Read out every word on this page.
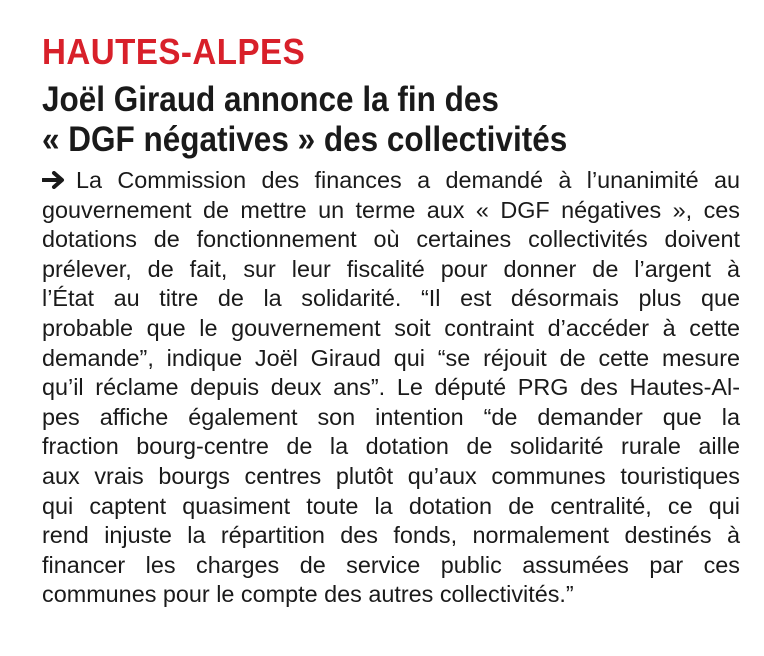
HAUTES-ALPES
Joël Giraud annonce la fin des
« DGF négatives » des collectivités
La Commission des finances a demandé à l’unanimité au
gouvernement de mettre un terme aux « DGF négatives », ces
dotations de fonctionnement où certaines collectivités doivent
prélever, de fait, sur leur fiscalité pour donner de l’argent à
l’État au titre de la solidarité. “Il est désormais plus que
probable que le gouvernement soit contraint d’accéder à cette
demande”, indique Joël Giraud qui “se réjouit de cette mesure
qu’il réclame depuis deux ans”. Le député PRG des Hautes-Al-
pes affiche également son intention “de demander que la
fraction bourg-centre de la dotation de solidarité rurale aille
aux vrais bourgs centres plutôt qu’aux communes touristiques
qui captent quasiment toute la dotation de centralité, ce qui
rend injuste la répartition des fonds, normalement destinés à
financer les charges de service public assumées par ces
communes pour le compte des autres collectivités.”
